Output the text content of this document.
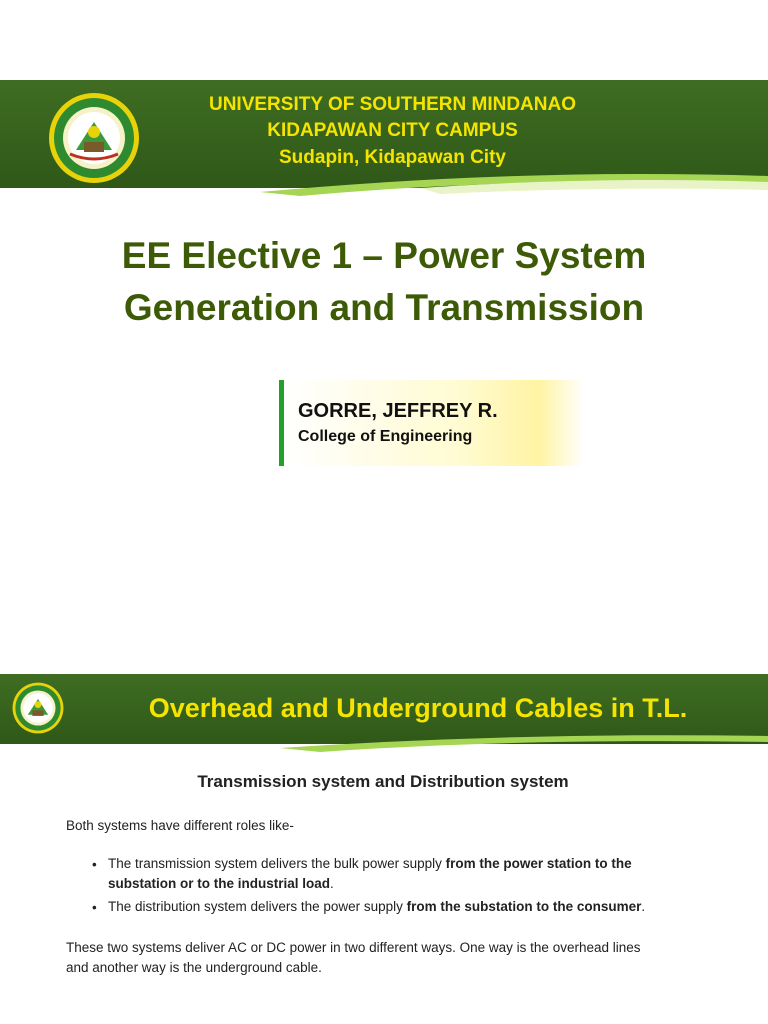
UNIVERSITY OF SOUTHERN MINDANAO
KIDAPAWAN CITY CAMPUS
Sudapin, Kidapawan City
EE Elective 1 – Power System
Generation and Transmission
GORRE, JEFFREY R.
College of Engineering
Overhead and Underground Cables in T.L.
Transmission system and Distribution system
Both systems have different roles like-
• The transmission system delivers the bulk power supply from the power station to the
substation or to the industrial load.
• The distribution system delivers the power supply from the substation to the consumer.
These two systems deliver AC or DC power in two different ways. One way is the overhead lines
and another way is the underground cable.
